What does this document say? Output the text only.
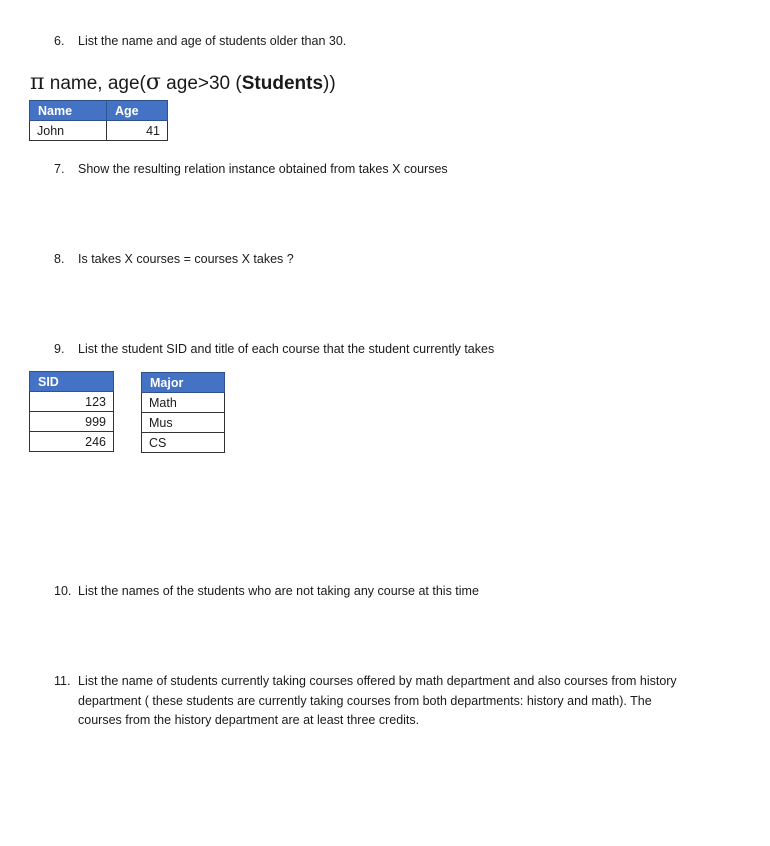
6.	List the name and age of students older than 30.
π name, age(σ age>30 (Students))
Name	Age
John	41
7.	Show the resulting relation instance obtained from takes X courses
8.	Is takes X courses = courses X takes ?
9.	List the student SID and title of each course that the student currently takes
SID
123
999
246
Major
Math
Mus
CS
10. List the names of the students who are not taking any course at this time
11. List the name of students currently taking courses offered by math department and also courses from history
department ( these students are currently taking courses from both departments: history and math). The
courses from the history department are at least three credits.
